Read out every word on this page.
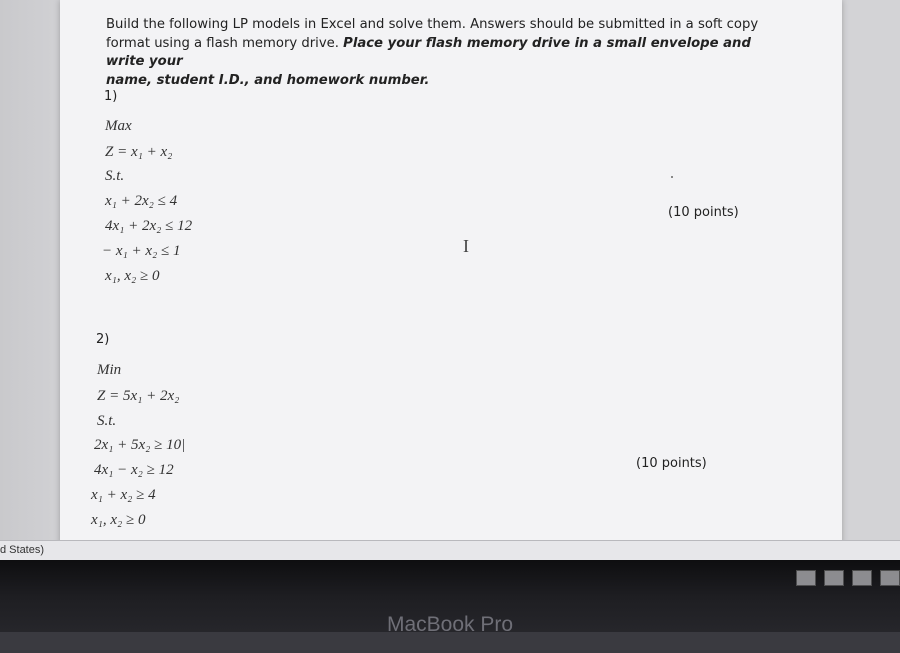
Build the following LP models in Excel and solve them. Answers should be submitted in a soft copy
format using a flash memory drive. Place your flash memory drive in a small envelope and write your
name, student I.D., and homework number.
1)
Max
Z = x₁ + x₂
S.t.
x₁ + 2x₂ ≤ 4
4x₁ + 2x₂ ≤ 12
− x₁ + x₂ ≤ 1
x₁, x₂ ≥ 0
(10 points)
I
2)
Min
Z = 5x₁ + 2x₂
S.t.
2x₁ + 5x₂ ≥ 10|
4x₁ − x₂ ≥ 12
x₁ + x₂ ≥ 4
x₁, x₂ ≥ 0
(10 points)
d States)
MacBook Pro
